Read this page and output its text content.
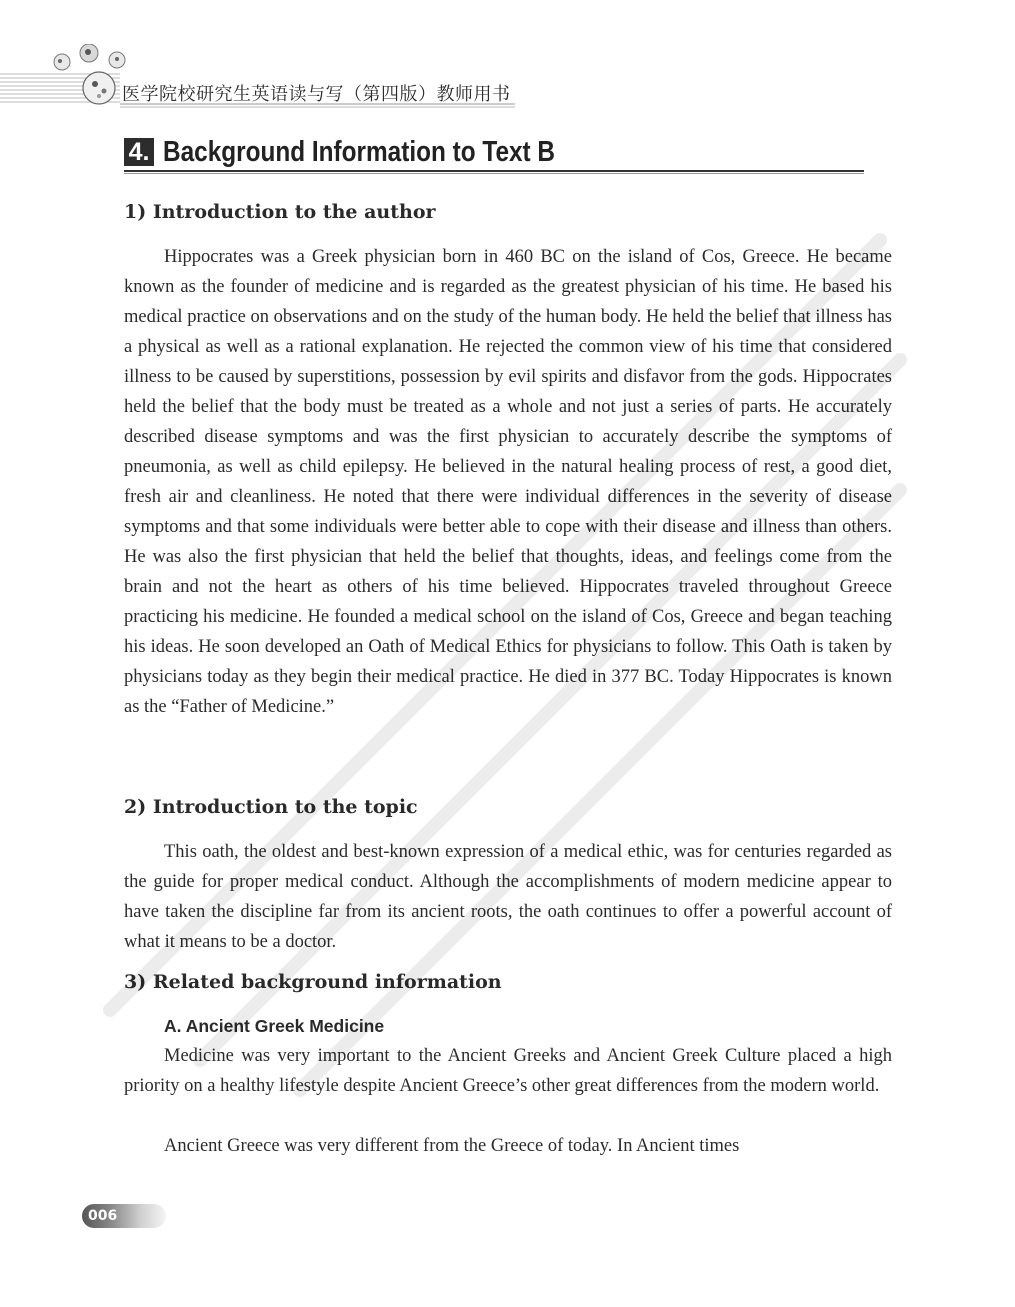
医学院校研究生英语读与写（第四版）教师用书
4. Background Information to Text B
1) Introduction to the author

Hippocrates was a Greek physician born in 460 BC on the island of Cos, Greece. He became known as the founder of medicine and is regarded as the greatest physician of his time. He based his medical practice on observations and on the study of the human body. He held the belief that illness has a physical as well as a rational explanation. He rejected the common view of his time that considered illness to be caused by superstitions, possession by evil spirits and disfavor from the gods. Hippocrates held the belief that the body must be treated as a whole and not just a series of parts. He accurately described disease symptoms and was the first physician to accurately describe the symptoms of pneumonia, as well as child epilepsy. He believed in the natural healing process of rest, a good diet, fresh air and cleanliness. He noted that there were individual differences in the severity of disease symptoms and that some individuals were better able to cope with their disease and illness than others. He was also the first physician that held the belief that thoughts, ideas, and feelings come from the brain and not the heart as others of his time believed. Hippocrates traveled throughout Greece practicing his medicine. He founded a medical school on the island of Cos, Greece and began teaching his ideas. He soon developed an Oath of Medical Ethics for physicians to follow. This Oath is taken by physicians today as they begin their medical practice. He died in 377 BC. Today Hippocrates is known as the “Father of Medicine.”

2) Introduction to the topic

This oath, the oldest and best-known expression of a medical ethic, was for centuries regarded as the guide for proper medical conduct. Although the accomplishments of modern medicine appear to have taken the discipline far from its ancient roots, the oath continues to offer a powerful account of what it means to be a doctor.

3) Related background information
A. Ancient Greek Medicine

Medicine was very important to the Ancient Greeks and Ancient Greek Culture placed a high priority on a healthy lifestyle despite Ancient Greece’s other great differences from the modern world.

Ancient Greece was very different from the Greece of today. In Ancient times

006
